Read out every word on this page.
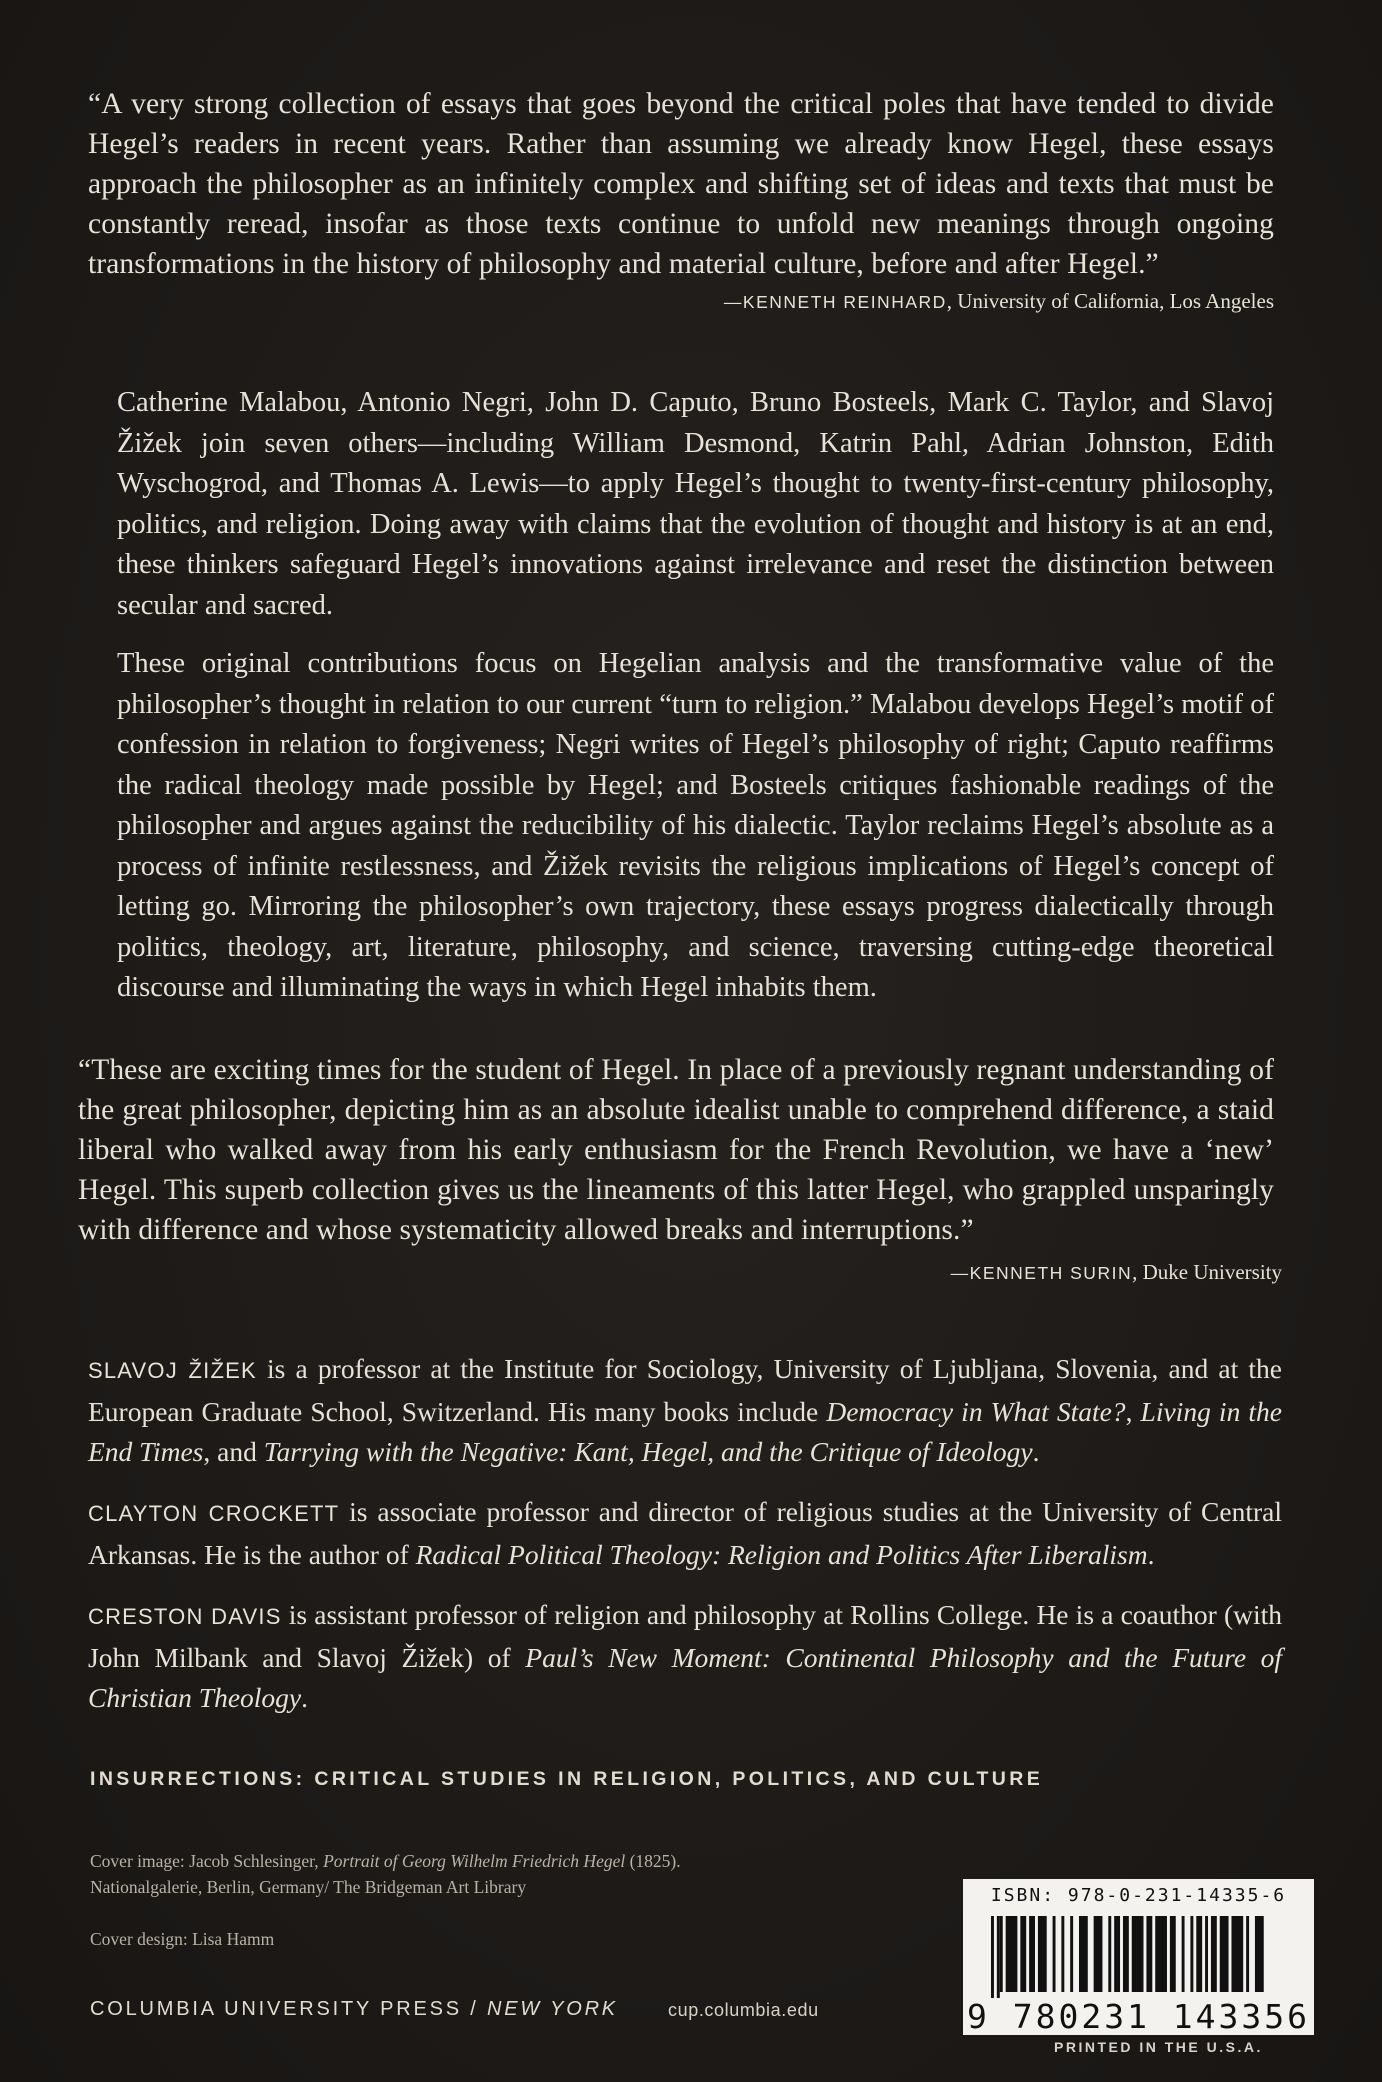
“A very strong collection of essays that goes beyond the critical poles that have tended to divide Hegel’s readers in recent years. Rather than assuming we already know Hegel, these essays approach the philosopher as an infinitely complex and shifting set of ideas and texts that must be constantly reread, insofar as those texts continue to unfold new meanings through ongoing transformations in the history of philosophy and material culture, before and after Hegel.”

—KENNETH REINHARD, University of California, Los Angeles

Catherine Malabou, Antonio Negri, John D. Caputo, Bruno Bosteels, Mark C. Taylor, and Slavoj Žižek join seven others—including William Desmond, Katrin Pahl, Adrian Johnston, Edith Wyschogrod, and Thomas A. Lewis—to apply Hegel’s thought to twenty-first-century philosophy, politics, and religion. Doing away with claims that the evolution of thought and history is at an end, these thinkers safeguard Hegel’s innovations against irrelevance and reset the distinction between secular and sacred.

These original contributions focus on Hegelian analysis and the transformative value of the philosopher’s thought in relation to our current “turn to religion.” Malabou develops Hegel’s motif of confession in relation to forgiveness; Negri writes of Hegel’s philosophy of right; Caputo reaffirms the radical theology made possible by Hegel; and Bosteels critiques fashionable readings of the philosopher and argues against the reducibility of his dialectic. Taylor reclaims Hegel’s absolute as a process of infinite restlessness, and Žižek revisits the religious implications of Hegel’s concept of letting go. Mirroring the philosopher’s own trajectory, these essays progress dialectically through politics, theology, art, literature, philosophy, and science, traversing cutting-edge theoretical discourse and illuminating the ways in which Hegel inhabits them.

“These are exciting times for the student of Hegel. In place of a previously regnant understanding of the great philosopher, depicting him as an absolute idealist unable to comprehend difference, a staid liberal who walked away from his early enthusiasm for the French Revolution, we have a ‘new’ Hegel. This superb collection gives us the lineaments of this latter Hegel, who grappled unsparingly with difference and whose systematicity allowed breaks and interruptions.”

—KENNETH SURIN, Duke University

SLAVOJ ŽIŽEK is a professor at the Institute for Sociology, University of Ljubljana, Slovenia, and at the European Graduate School, Switzerland. His many books include Democracy in What State?, Living in the End Times, and Tarrying with the Negative: Kant, Hegel, and the Critique of Ideology.

CLAYTON CROCKETT is associate professor and director of religious studies at the University of Central Arkansas. He is the author of Radical Political Theology: Religion and Politics After Liberalism.

CRESTON DAVIS is assistant professor of religion and philosophy at Rollins College. He is a coauthor (with John Milbank and Slavoj Žižek) of Paul’s New Moment: Continental Philosophy and the Future of Christian Theology.

INSURRECTIONS: CRITICAL STUDIES IN RELIGION, POLITICS, AND CULTURE

Cover image: Jacob Schlesinger, Portrait of Georg Wilhelm Friedrich Hegel (1825).
Nationalgalerie, Berlin, Germany/ The Bridgeman Art Library

Cover design: Lisa Hamm

COLUMBIA UNIVERSITY PRESS / NEW YORK	cup.columbia.edu

ISBN: 978-0-231-14335-6
9 780231 143356

PRINTED IN THE U.S.A.
